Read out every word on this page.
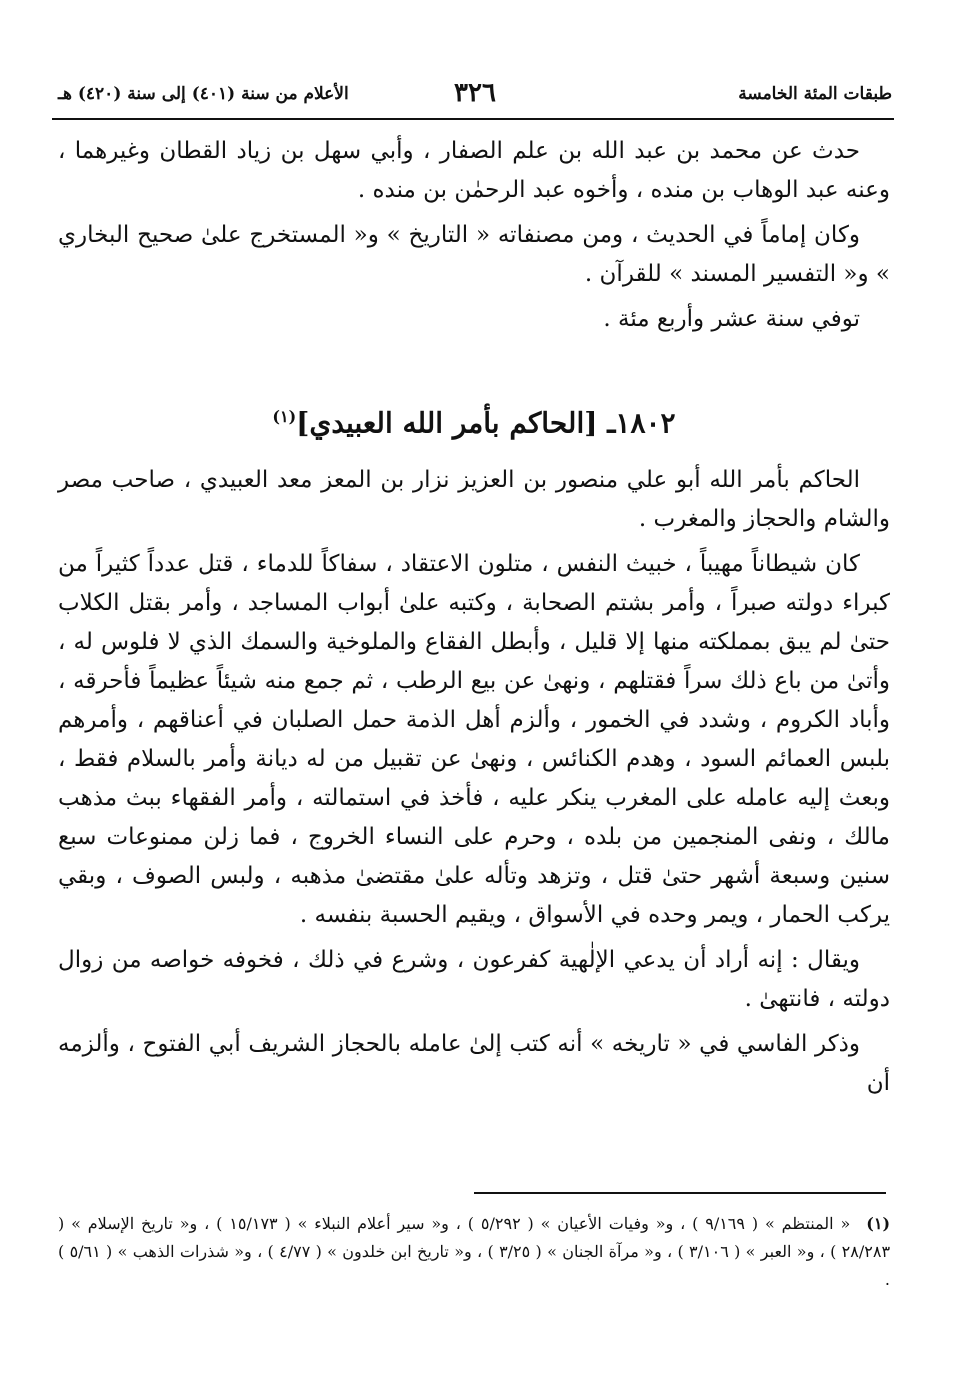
طبقات المئة الخامسة
٣٢٦
الأعلام من سنة (٤٠١) إلى سنة (٤٢٠) هـ

حدث عن محمد بن عبد الله بن علم الصفار ، وأبي سهل بن زياد القطان وغيرهما ، وعنه عبد الوهاب بن منده ، وأخوه عبد الرحمٰن بن منده .

وكان إماماً في الحديث ، ومن مصنفاته « التاريخ » و« المستخرج علىٰ صحيح البخاري » و« التفسير المسند » للقرآن .

توفي سنة عشر وأربع مئة .

١٨٠٢ـ [الحاكم بأمر الله العبيدي]$^{(١)}$

الحاكم بأمر الله أبو علي منصور بن العزيز نزار بن المعز معد العبيدي ، صاحب مصر والشام والحجاز والمغرب .

كان شيطاناً مهيباً ، خبيث النفس ، متلون الاعتقاد ، سفاكاً للدماء ، قتل عدداً كثيراً من كبراء دولته صبراً ، وأمر بشتم الصحابة ، وكتبه علىٰ أبواب المساجد ، وأمر بقتل الكلاب حتىٰ لم يبق بمملكته منها إلا قليل ، وأبطل الفقاع والملوخية والسمك الذي لا فلوس له ، وأتىٰ من باع ذلك سراً فقتلهم ، ونهىٰ عن بيع الرطب ، ثم جمع منه شيئاً عظيماً فأحرقه ، وأباد الكروم ، وشدد في الخمور ، وألزم أهل الذمة حمل الصلبان في أعناقهم ، وأمرهم بلبس العمائم السود ، وهدم الكنائس ، ونهىٰ عن تقبيل من له ديانة وأمر بالسلام فقط ، وبعث إليه عامله على المغرب ينكر عليه ، فأخذ في استمالته ، وأمر الفقهاء ببث مذهب مالك ، ونفى المنجمين من بلده ، وحرم على النساء الخروج ، فما زلن ممنوعات سبع سنين وسبعة أشهر حتىٰ قتل ، وتزهد وتأله علىٰ مقتضىٰ مذهبه ، ولبس الصوف ، وبقي يركب الحمار ، ويمر وحده في الأسواق ، ويقيم الحسبة بنفسه .

ويقال : إنه أراد أن يدعي الإلٰهية كفرعون ، وشرع في ذلك ، فخوفه خواصه من زوال دولته ، فانتهىٰ .

وذكر الفاسي في « تاريخه » أنه كتب إلىٰ عامله بالحجاز الشريف أبي الفتوح ، وألزمه أن

(١)« المنتظم » ( ٩/١٦٩ ) ، و« وفيات الأعيان » ( ٥/٢٩٢ ) ، و« سير أعلام النبلاء » ( ١٥/١٧٣ ) ، و« تاريخ الإسلام » ( ٢٨/٢٨٣ ) ، و« العبر » ( ٣/١٠٦ ) ، و« مرآة الجنان » ( ٣/٢٥ ) ، و« تاريخ ابن خلدون » ( ٤/٧٧ ) ، و« شذرات الذهب » ( ٥/٦١ ) .
